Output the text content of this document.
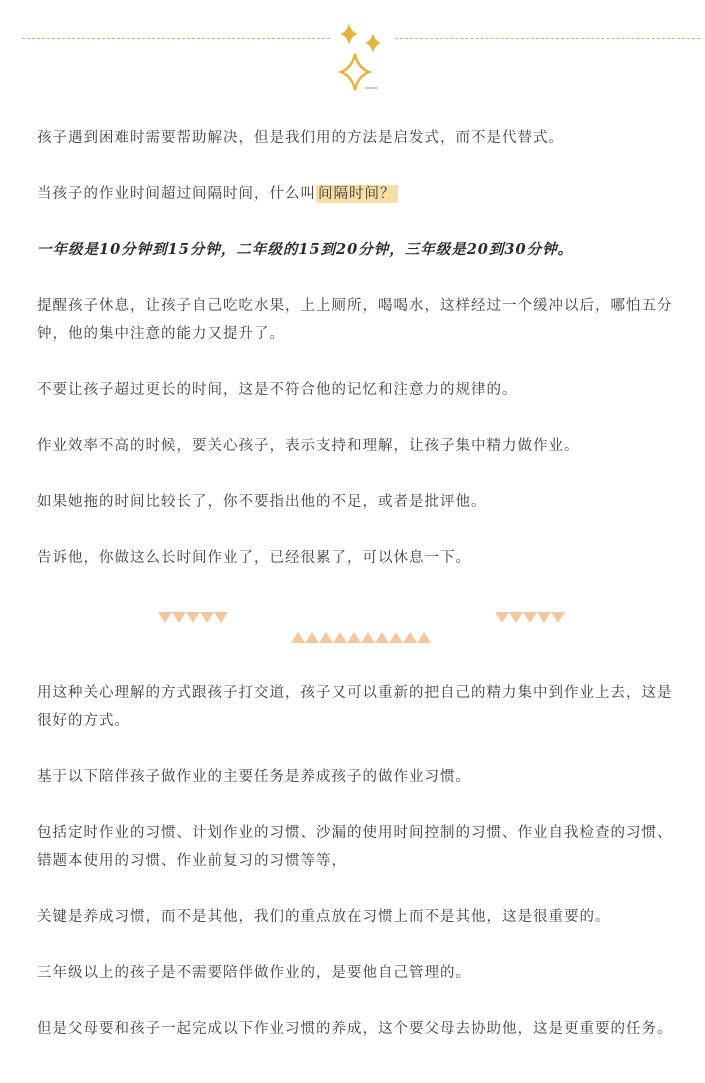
孩子遇到困难时需要帮助解决，但是我们用的方法是启发式，而不是代替式。

当孩子的作业时间超过间隔时间，什么叫 间隔时间？

一年级是10分钟到15分钟，二年级的15到20分钟，三年级是20到30分钟。

提醒孩子休息，让孩子自己吃吃水果，上上厕所，喝喝水，这样经过一个缓冲以后，哪怕五分钟，他的集中注意的能力又提升了。

不要让孩子超过更长的时间，这是不符合他的记忆和注意力的规律的。

作业效率不高的时候，要关心孩子，表示支持和理解，让孩子集中精力做作业。

如果她拖的时间比较长了，你不要指出他的不足，或者是批评他。

告诉他，你做这么长时间作业了，已经很累了，可以休息一下。

用这种关心理解的方式跟孩子打交道，孩子又可以重新的把自己的精力集中到作业上去，这是很好的方式。

基于以下陪伴孩子做作业的主要任务是养成孩子的做作业习惯。

包括定时作业的习惯、计划作业的习惯、沙漏的使用时间控制的习惯、作业自我检查的习惯、错题本使用的习惯、作业前复习的习惯等等，

关键是养成习惯，而不是其他，我们的重点放在习惯上而不是其他，这是很重要的。

三年级以上的孩子是不需要陪伴做作业的，是要他自己管理的。

但是父母要和孩子一起完成以下作业习惯的养成，这个要父母去协助他，这是更重要的任务。
